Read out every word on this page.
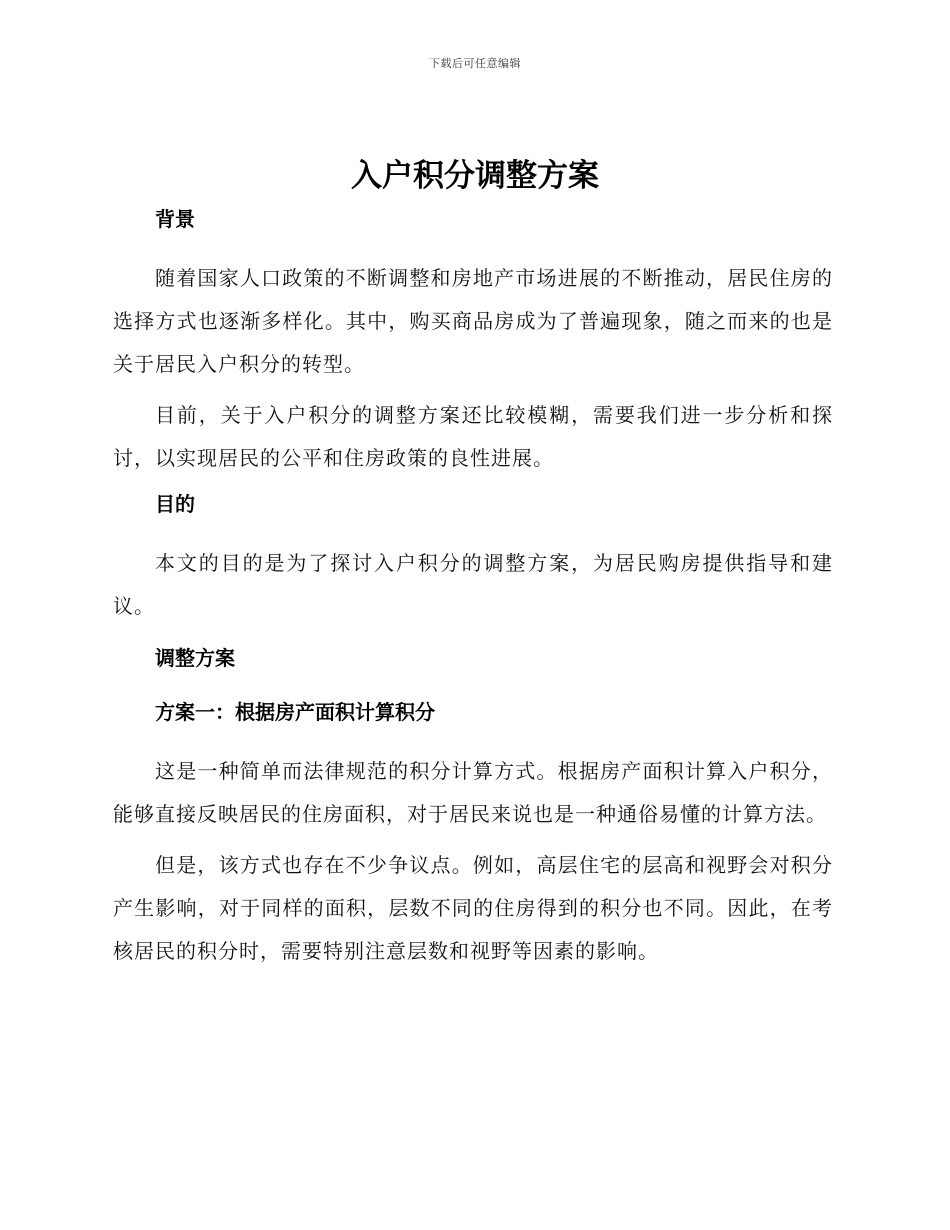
下载后可任意编辑
入户积分调整方案
背景

随着国家人口政策的不断调整和房地产市场进展的不断推动，居民住房的选择方式也逐渐多样化。其中，购买商品房成为了普遍现象，随之而来的也是关于居民入户积分的转型。

目前，关于入户积分的调整方案还比较模糊，需要我们进一步分析和探讨，以实现居民的公平和住房政策的良性进展。

目的

本文的目的是为了探讨入户积分的调整方案，为居民购房提供指导和建议。

调整方案
方案一：根据房产面积计算积分

这是一种简单而法律规范的积分计算方式。根据房产面积计算入户积分，能够直接反映居民的住房面积，对于居民来说也是一种通俗易懂的计算方法。

但是，该方式也存在不少争议点。例如，高层住宅的层高和视野会对积分产生影响，对于同样的面积，层数不同的住房得到的积分也不同。因此，在考核居民的积分时，需要特别注意层数和视野等因素的影响。
